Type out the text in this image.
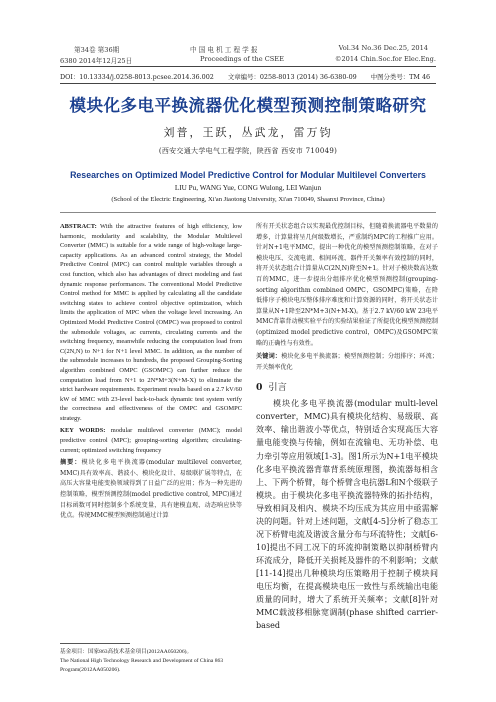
第34卷 第36期	中 国 电 机 工 程 学 报	Vol.34 No.36 Dec.25, 2014
6380 2014年12月25日	Proceedings of the CSEE	©2014 Chin.Soc.for Elec.Eng.
DOI：10.13334/j.0258-8013.pcsee.2014.36.002 文章编号：0258-8013 (2014) 36-6380-09 中图分类号：TM 46
模块化多电平换流器优化模型预测控制策略研究
刘普，王跃，丛武龙，雷万钧
(西安交通大学电气工程学院，陕西省 西安市 710049)
Researches on Optimized Model Predictive Control for Modular Multilevel Converters
LIU Pu, WANG Yue, CONG Wulong, LEI Wanjun
(School of the Electric Engineering, Xi'an Jiaotong University, Xi'an 710049, Shaanxi Province, China)

ABSTRACT: With the attractive features of high efficiency, low harmonic, modularity and scalability, the Modular Multilevel Converter (MMC) is suitable for a wide range of high-voltage large-capacity applications. As an advanced control strategy, the Model Predictive Control (MPC) can control multiple variables through a cost function, which also has advantages of direct modeling and fast dynamic response performances. The conventional Model Predictive Control method for MMC is applied by calculating all the candidate switching states to achieve control objective optimization, which limits the application of MPC when the voltage level increasing. An Optimized Model Predictive Control (OMPC) was proposed to control the submodule voltages, ac currents, circulating currents and the switching frequency, meanwhile reducing the computation load from C(2N,N) to N+1 for N+1 level MMC. In addition, as the number of the submodule increases to hundreds, the proposed Grouping-Sorting algorithm combined OMPC (GSOMPC) can further reduce the computation load from N+1 to 2N*M+3(N+M-X) to eliminate the strict hardware requirements. Experiment results based on a 2.7 kV/60 kW of MMC with 23-level back-to-back dynamic test system verify the correctness and effectiveness of the OMPC and GSOMPC strategy.

KEY WORDS: modular multilevel converter (MMC); model predictive control (MPC); grouping-sorting algorithm; circulating-current; optimized switching frequency

摘要：模块化多电平换流器(modular multilevel converter, MMC)具有效率高、谐波小、模块化设计、易级联扩展等特点，在高压大容量电能变换领域得到了日益广泛的应用；作为一种先进的控制策略，模型预测控制(model predictive control, MPC)通过目标函数可同时控制多个系统变量，具有建模直观、动态响应快等优点。传统MMC模型预测控制通过计算

基金项目：国家863高技术基金项目(2012AA050206)。
The National High Technology Research and Development of China 863 Program(2012AA050206).

所有开关状态组合以实现最优控制目标，但随着换流器电平数量的增多，计算量将呈几何级数增长，严重制约MPC的工程推广应用。针对N+1电平MMC，提出一种优化的模型预测控制策略，在对子模块电压、交流电流、相间环流、器件开关频率有效控制的同时，将开关状态组合计算量从C(2N,N)降至N+1。针对子模块数高达数百的MMC，进一步提出分组排序优化模型预测控制(grouping-sorting algorithm combined OMPC，GSOMPC)策略，在降低排序子模块电压整体排序难度和计算资源的同时，将开关状态计算量从N+1降至2N*M+3(N+M-X)。基于2.7 kV/60 kW 23电平MMC背靠背动模实验平台的实验结果验证了所提优化模型预测控制(optimized model predictive control，OMPC)及GSOMPC策略的正确性与有效性。

关键词：模块化多电平换流器；模型预测控制；分组排序；环流；开关频率优化

0 引言

  模块化多电平换流器(modular multi-level converter，MMC)具有模块化结构、易级联、高效率、输出谐波小等优点，特别适合实现高压大容量电能变换与传输，例如在流输电、无功补偿、电力牵引等应用领域[1-3]。图1所示为N+1电平模块化多电平换流器背靠背系统原理图，换流器每相含上、下两个桥臂，每个桥臂含电抗器L和N个级联子模块。由于模块化多电平换流器特殊的拓扑结构，导致相间及相内、模块不均压成为其应用中亟需解决的问题。针对上述问题，文献[4-5]分析了稳态工况下桥臂电流及谐波含量分布与环流特性；文献[6-10]提出不同工况下的环流抑制策略以抑制桥臂内环流成分，降低开关损耗及器件的不利影响；文献[11-14]提出几种模块均压策略用于控制子模块间电压均衡，在提高模块电压一致性与系统输出电能质量的同时，增大了系统开关频率；文献[8]针对MMC载波移相脉宽调制(phase shifted carrier-based
